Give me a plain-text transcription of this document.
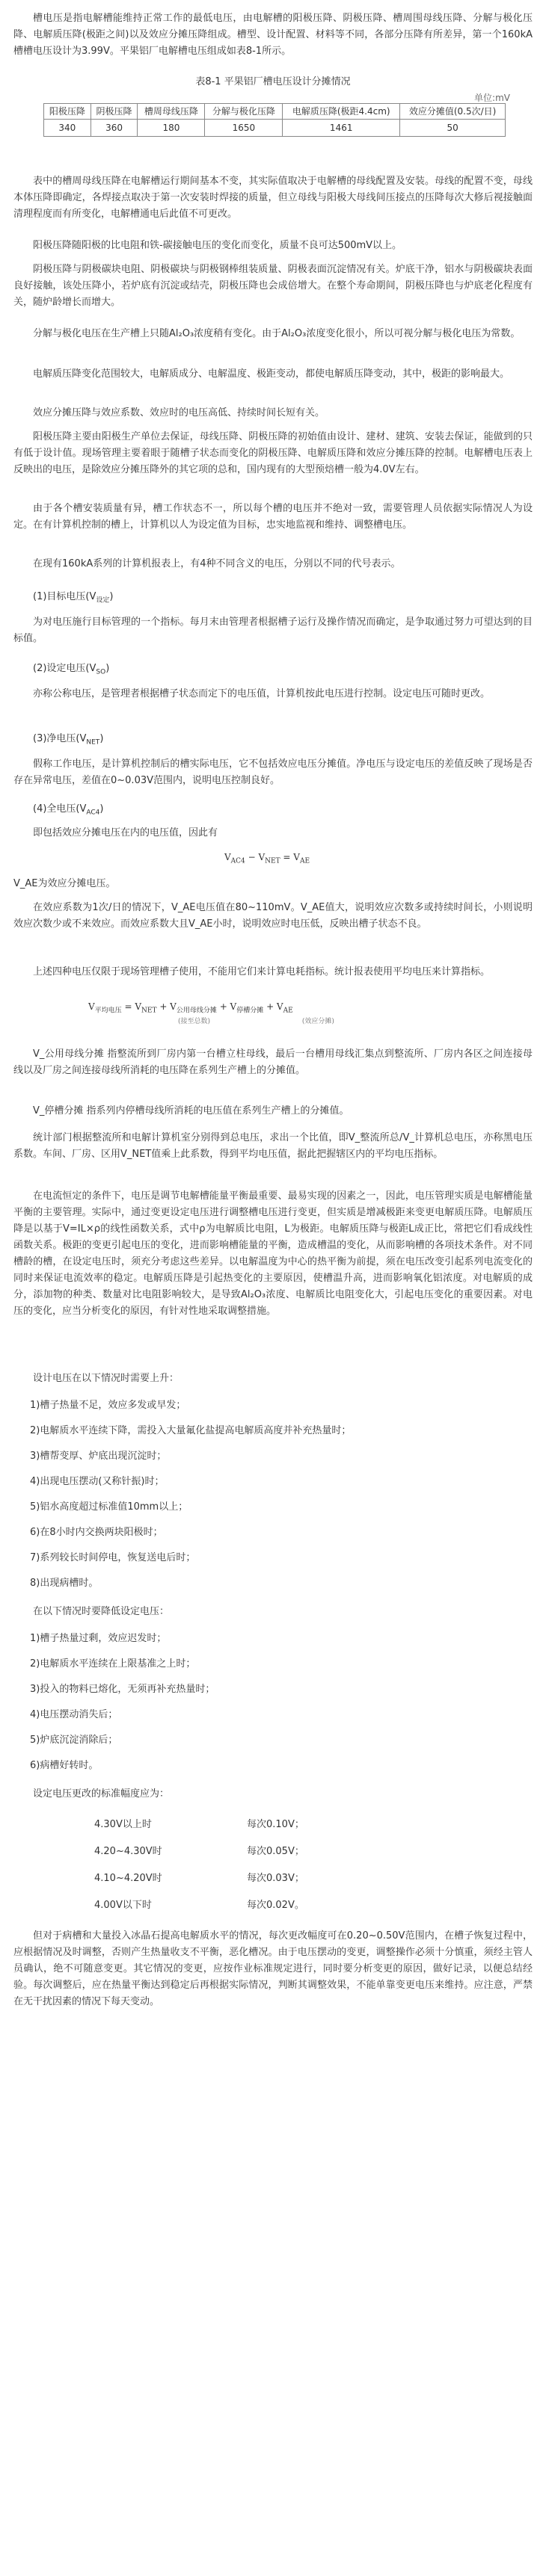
槽电压是指电解槽能维持正常工作的最低电压，由电解槽的阳极压降、阴极压降、槽周围母线压降、分解与极化压降、电解质压降(极距之间)以及效应分摊压降组成。槽型、设计配置、材料等不同，各部分压降有所差异，第一个160kA槽槽电压设计为3.99V。平果铝厂电解槽电压组成如表8-1所示。

表8-1 平果铝厂槽电压设计分摊情况
单位:mV
阳极压降	阴极压降	槽周母线压降	分解与极化压降	电解质压降(极距4.4cm)	效应分摊值(0.5次/日)
340	360	180	1650	1461	50

表中的槽周母线压降在电解槽运行期间基本不变，其实际值取决于电解槽的母线配置及安装。母线的配置不变，母线本体压降即确定，各焊接点取决于第一次安装时焊接的质量，但立母线与阳极大母线间压接点的压降每次大修后视接触面清理程度而有所变化，电解槽通电后此值不可更改。

阳极压降随阳极的比电阻和铁-碳接触电压的变化而变化，质量不良可达500mV以上。

阴极压降与阴极碳块电阻、阴极碳块与阴极钢棒组装质量、阴极表面沉淀情况有关。炉底干净，铝水与阴极碳块表面良好接触，该处压降小，若炉底有沉淀或结壳，阴极压降也会成倍增大。在整个寿命期间，阴极压降也与炉底老化程度有关，随炉龄增长而增大。

分解与极化电压在生产槽上只随Al₂O₃浓度稍有变化。由于Al₂O₃浓度变化很小，所以可视分解与极化电压为常数。

电解质压降变化范围较大，电解质成分、电解温度、极距变动，都使电解质压降变动，其中，极距的影响最大。

效应分摊压降与效应系数、效应时的电压高低、持续时间长短有关。

阳极压降主要由阳极生产单位去保证，母线压降、阴极压降的初始值由设计、建材、建筑、安装去保证，能做到的只有低于设计值。现场管理主要着眼于随槽子状态而变化的阴极压降、电解质压降和效应分摊压降的控制。电解槽电压表上反映出的电压，是除效应分摊压降外的其它项的总和，国内现有的大型预焙槽一般为4.0V左右。

由于各个槽安装质量有异，槽工作状态不一，所以每个槽的电压并不绝对一致，需要管理人员依据实际情况人为设定。在有计算机控制的槽上，计算机以人为设定值为目标，忠实地监视和维持、调整槽电压。

在现有160kA系列的计算机报表上，有4种不同含义的电压，分别以不同的代号表示。

(1)目标电压$(V_{设定})$

为对电压施行目标管理的一个指标。每月末由管理者根据槽子运行及操作情况而确定，是争取通过努力可望达到的目标值。

(2)设定电压$(V_{SO})$

亦称公称电压，是管理者根据槽子状态而定下的电压值，计算机按此电压进行控制。设定电压可随时更改。

(3)净电压$(V_{NET})$

假称工作电压，是计算机控制后的槽实际电压，它不包括效应电压分摊值。净电压与设定电压的差值反映了现场是否存在异常电压，差值在0~0.03V范围内，说明电压控制良好。

(4)全电压$(V_{AC4})$

即包括效应分摊电压在内的电压值，因此有

$V_{AC4} - V_{NET} = V_{AE}$

V_AE为效应分摊电压。

在效应系数为1次/日的情况下，V_AE电压值在80~110mV。V_AE值大，说明效应次数多或持续时间长，小则说明效应次数少或不来效应。而效应系数大且V_AE小时，说明效应时电压低，反映出槽子状态不良。

上述四种电压仅限于现场管理槽子使用，不能用它们来计算电耗指标。统计报表使用平均电压来计算指标。

$V_{平均电压} = V_{NET} + V_{公用母线分摊} + V_{停槽分摊} + V_{AE}$
(接至总数)	(效应分摊)

V_公用母线分摊 指整流所到厂房内第一台槽立柱母线，最后一台槽用母线汇集点到整流所、厂房内各区之间连接母线以及厂房之间连接母线所消耗的电压降在系列生产槽上的分摊值。

V_停槽分摊 指系列内停槽母线所消耗的电压值在系列生产槽上的分摊值。

统计部门根据整流所和电解计算机室分别得到总电压，求出一个比值，即V_整流所总/V_计算机总电压，亦称黑电压系数。车间、厂房、区用V_NET值乘上此系数，得到平均电压值，据此把握辖区内的平均电压指标。

在电流恒定的条件下，电压是调节电解槽能量平衡最重要、最易实现的因素之一，因此，电压管理实质是电解槽能量平衡的主要管理。实际中，通过变更设定电压进行调整槽电压进行变更，但实质是增减极距来变更电解质压降。电解质压降是以基于V=IL×ρ的线性函数关系，式中ρ为电解质比电阻，L为极距。电解质压降与极距L成正比，常把它们看成线性函数关系。极距的变更引起电压的变化，进而影响槽能量的平衡，造成槽温的变化，从而影响槽的各项技术条件。对不同槽龄的槽，在设定电压时，须充分考虑这些差异。以电解温度为中心的热平衡为前提，须在电压改变引起系列电流变化的同时来保证电流效率的稳定。电解质压降是引起热变化的主要原因，使槽温升高，进而影响氧化铝浓度。对电解质的成分，添加物的种类、数量对比电阻影响较大，是导致Al₂O₃浓度、电解质比电阻变化大，引起电压变化的重要因素。对电压的变化，应当分析变化的原因，有针对性地采取调整措施。

设计电压在以下情况时需要上升：

1)槽子热量不足，效应多发或早发；
2)电解质水平连续下降，需投入大量氟化盐提高电解质高度并补充热量时；
3)槽帮变厚、炉底出现沉淀时；
4)出现电压摆动(又称针振)时；
5)铝水高度超过标准值10mm以上；
6)在8小时内交换两块阳极时；
7)系列较长时间停电，恢复送电后时；
8)出现病槽时。

在以下情况时要降低设定电压：

1)槽子热量过剩，效应迟发时；
2)电解质水平连续在上限基准之上时；
3)投入的物料已熔化，无须再补充热量时；
4)电压摆动消失后；
5)炉底沉淀消除后；
6)病槽好转时。

设定电压更改的标准幅度应为：

4.30V以上时	每次0.10V；
4.20~4.30V时	每次0.05V；
4.10~4.20V时	每次0.03V；
4.00V以下时	每次0.02V。

但对于病槽和大量投入冰晶石提高电解质水平的情况，每次更改幅度可在0.20~0.50V范围内，在槽子恢复过程中，应根据情况及时调整，否则产生热量收支不平衡，恶化槽况。由于电压摆动的变更，调整操作必须十分慎重，须经主管人员确认，绝不可随意变更。其它情况的变更，应按作业标准规定进行，同时要分析变更的原因，做好记录，以便总结经验。每次调整后，应在热量平衡达到稳定后再根据实际情况，判断其调整效果，不能单靠变更电压来维持。应注意，严禁在无干扰因素的情况下每天变动。
